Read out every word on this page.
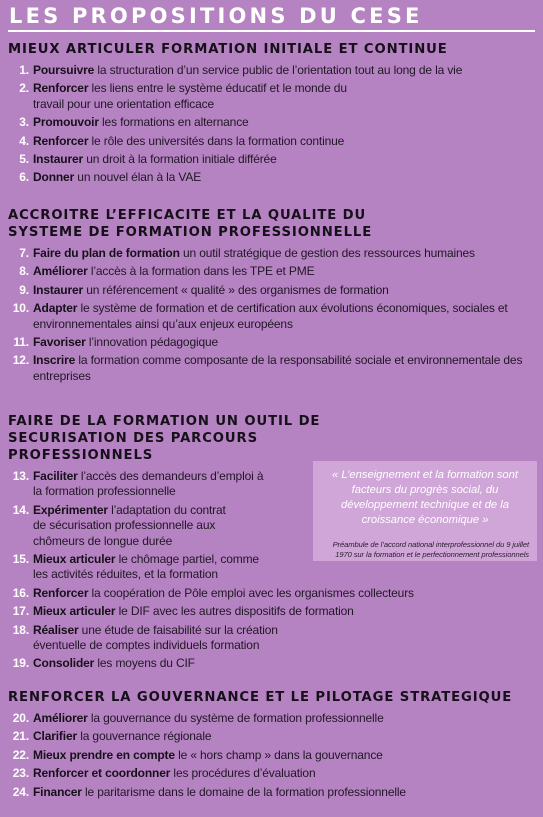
LES PROPOSITIONS DU CESE
MIEUX ARTICULER FORMATION INITIALE ET CONTINUE
1. Poursuivre la structuration d’un service public de l’orientation tout au long de la vie
2. Renforcer les liens entre le système éducatif et le monde du travail pour une orientation efficace
3. Promouvoir les formations en alternance
4. Renforcer le rôle des universités dans la formation continue
5. Instaurer un droit à la formation initiale différée
6. Donner un nouvel élan à la VAE
ACCROITRE L’EFFICACITE ET LA QUALITE DU SYSTEME DE FORMATION PROFESSIONNELLE
7. Faire du plan de formation un outil stratégique de gestion des ressources humaines
8. Améliorer l’accès à la formation dans les TPE et PME
9. Instaurer un référencement « qualité » des organismes de formation
10. Adapter le système de formation et de certification aux évolutions économiques, sociales et environnementales ainsi qu’aux enjeux européens
11. Favoriser l’innovation pédagogique
12. Inscrire la formation comme composante de la responsabilité sociale et environnementale des entreprises
FAIRE DE LA FORMATION UN OUTIL DE SECURISATION DES PARCOURS PROFESSIONNELS
13. Faciliter l’accès des demandeurs d’emploi à la formation professionnelle
14. Expérimenter l’adaptation du contrat de sécurisation professionnelle aux chômeurs de longue durée
15. Mieux articuler le chômage partiel, comme les activités réduites, et la formation
16. Renforcer la coopération de Pôle emploi avec les organismes collecteurs
17. Mieux articuler le DIF avec les autres dispositifs de formation
18. Réaliser une étude de faisabilité sur la création éventuelle de comptes individuels formation
19. Consolider les moyens du CIF
RENFORCER LA GOUVERNANCE ET LE PILOTAGE STRATEGIQUE
20. Améliorer la gouvernance du système de formation professionnelle
21. Clarifier la gouvernance régionale
22. Mieux prendre en compte le « hors champ » dans la gouvernance
23. Renforcer et coordonner les procédures d’évaluation
24. Financer le paritarisme dans le domaine de la formation professionnelle

« L’enseignement et la formation sont facteurs du progrès social, du développement technique et de la croissance économique »

Préambule de l’accord national interprofessionnel du 9 juillet 1970 sur la formation et le perfectionnement professionnels
